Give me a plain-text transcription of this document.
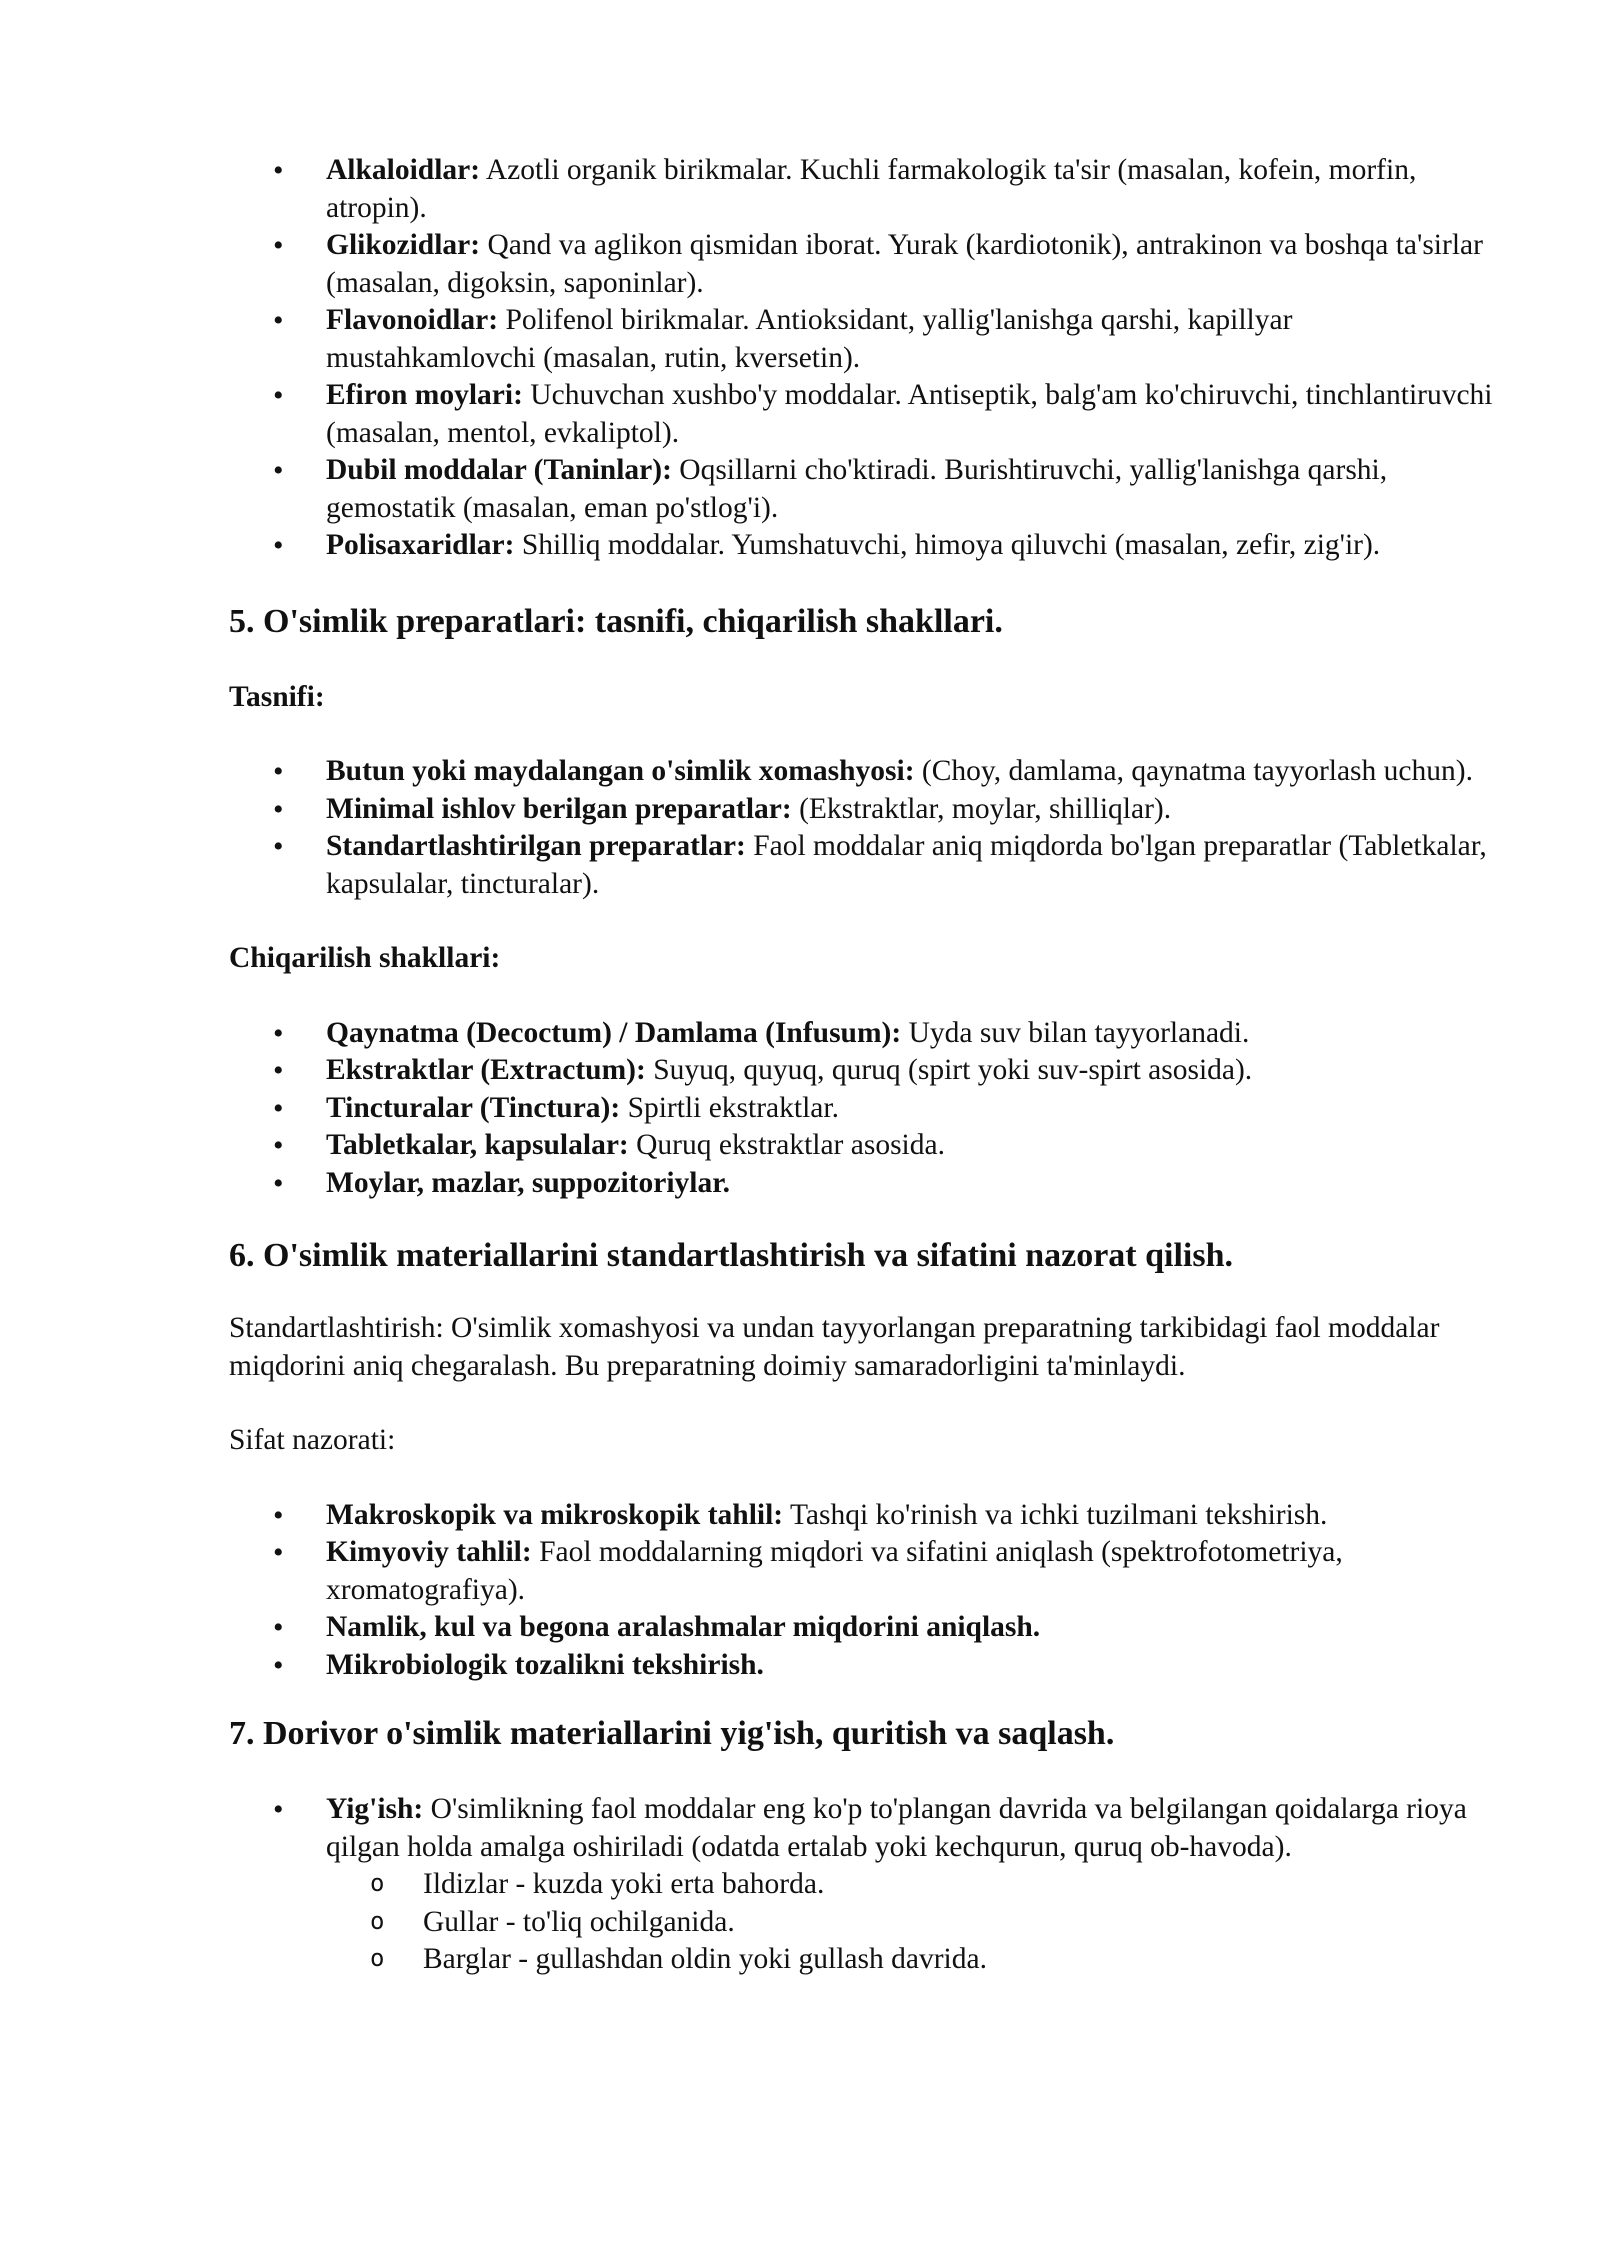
• Alkaloidlar: Azotli organik birikmalar. Kuchli farmakologik ta'sir (masalan, kofein, morfin, atropin).
• Glikozidlar: Qand va aglikon qismidan iborat. Yurak (kardiotonik), antrakinon va boshqa ta'sirlar (masalan, digoksin, saponinlar).
• Flavonoidlar: Polifenol birikmalar. Antioksidant, yallig'lanishga qarshi, kapillyar mustahkamlovchi (masalan, rutin, kversetin).
• Efiron moylari: Uchuvchan xushbo'y moddalar. Antiseptik, balg'am ko'chiruvchi, tinchlantiruvchi (masalan, mentol, evkaliptol).
• Dubil moddalar (Taninlar): Oqsillarni cho'ktiradi. Burishtiruvchi, yallig'lanishga qarshi, gemostatik (masalan, eman po'stlog'i).
• Polisaxaridlar: Shilliq moddalar. Yumshatuvchi, himoya qiluvchi (masalan, zefir, zig'ir).
5. O'simlik preparatlari: tasnifi, chiqarilish shakllari.

Tasnifi:

• Butun yoki maydalangan o'simlik xomashyosi: (Choy, damlama, qaynatma tayyorlash uchun).
• Minimal ishlov berilgan preparatlar: (Ekstraktlar, moylar, shilliqlar).
• Standartlashtirilgan preparatlar: Faol moddalar aniq miqdorda bo'lgan preparatlar (Tabletkalar, kapsulalar, tincturalar).

Chiqarilish shakllari:

• Qaynatma (Decoctum) / Damlama (Infusum): Uyda suv bilan tayyorlanadi.
• Ekstraktlar (Extractum): Suyuq, quyuq, quruq (spirt yoki suv-spirt asosida).
• Tincturalar (Tinctura): Spirtli ekstraktlar.
• Tabletkalar, kapsulalar: Quruq ekstraktlar asosida.
• Moylar, mazlar, suppozitoriylar.
6. O'simlik materiallarini standartlashtirish va sifatini nazorat qilish.

Standartlashtirish: O'simlik xomashyosi va undan tayyorlangan preparatning tarkibidagi faol moddalar miqdorini aniq chegaralash. Bu preparatning doimiy samaradorligini ta'minlaydi.

Sifat nazorati:

• Makroskopik va mikroskopik tahlil: Tashqi ko'rinish va ichki tuzilmani tekshirish.
• Kimyoviy tahlil: Faol moddalarning miqdori va sifatini aniqlash (spektrofotometriya, xromatografiya).
• Namlik, kul va begona aralashmalar miqdorini aniqlash.
• Mikrobiologik tozalikni tekshirish.
7. Dorivor o'simlik materiallarini yig'ish, quritish va saqlash.
• Yig'ish: O'simlikning faol moddalar eng ko'p to'plangan davrida va belgilangan qoidalarga rioya qilgan holda amalga oshiriladi (odatda ertalab yoki kechqurun, quruq ob-havoda).
o Ildizlar - kuzda yoki erta bahorda.
o Gullar - to'liq ochilganida.
o Barglar - gullashdan oldin yoki gullash davrida.
